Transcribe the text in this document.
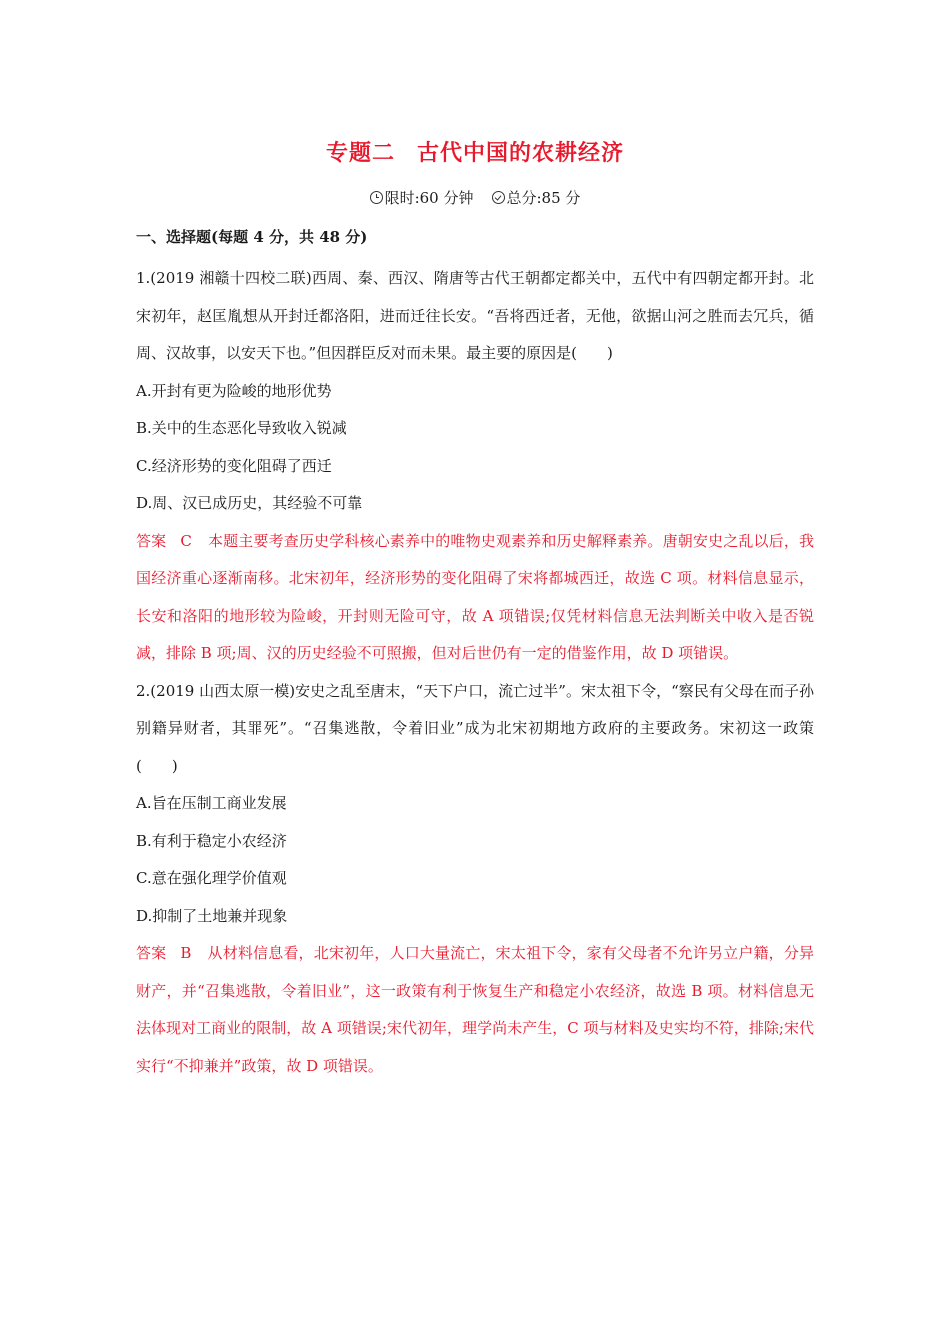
专题二 古代中国的农耕经济
限时:60 分钟 总分:85 分
一、选择题(每题 4 分，共 48 分)

1.(2019 湘赣十四校二联)西周、秦、西汉、隋唐等古代王朝都定都关中，五代中有四朝定都开封。北宋初年，赵匡胤想从开封迁都洛阳，进而迁往长安。“吾将西迁者，无他，欲据山河之胜而去冗兵，循周、汉故事，以安天下也。”但因群臣反对而未果。最主要的原因是(　　)

A.开封有更为险峻的地形优势

B.关中的生态恶化导致收入锐减

C.经济形势的变化阻碍了西迁

D.周、汉已成历史，其经验不可靠

答案 C 本题主要考查历史学科核心素养中的唯物史观素养和历史解释素养。唐朝安史之乱以后，我国经济重心逐渐南移。北宋初年，经济形势的变化阻碍了宋将都城西迁，故选 C 项。材料信息显示，长安和洛阳的地形较为险峻，开封则无险可守，故 A 项错误;仅凭材料信息无法判断关中收入是否锐减，排除 B 项;周、汉的历史经验不可照搬，但对后世仍有一定的借鉴作用，故 D 项错误。

2.(2019 山西太原一模)安史之乱至唐末，“天下户口，流亡过半”。宋太祖下令，“察民有父母在而子孙别籍异财者，其罪死”。“召集逃散，令着旧业”成为北宋初期地方政府的主要政务。宋初这一政策(　　)

A.旨在压制工商业发展

B.有利于稳定小农经济

C.意在强化理学价值观

D.抑制了土地兼并现象

答案 B 从材料信息看，北宋初年，人口大量流亡，宋太祖下令，家有父母者不允许另立户籍，分异财产，并“召集逃散，令着旧业”，这一政策有利于恢复生产和稳定小农经济，故选 B 项。材料信息无法体现对工商业的限制，故 A 项错误;宋代初年，理学尚未产生，C 项与材料及史实均不符，排除;宋代实行“不抑兼并”政策，故 D 项错误。
